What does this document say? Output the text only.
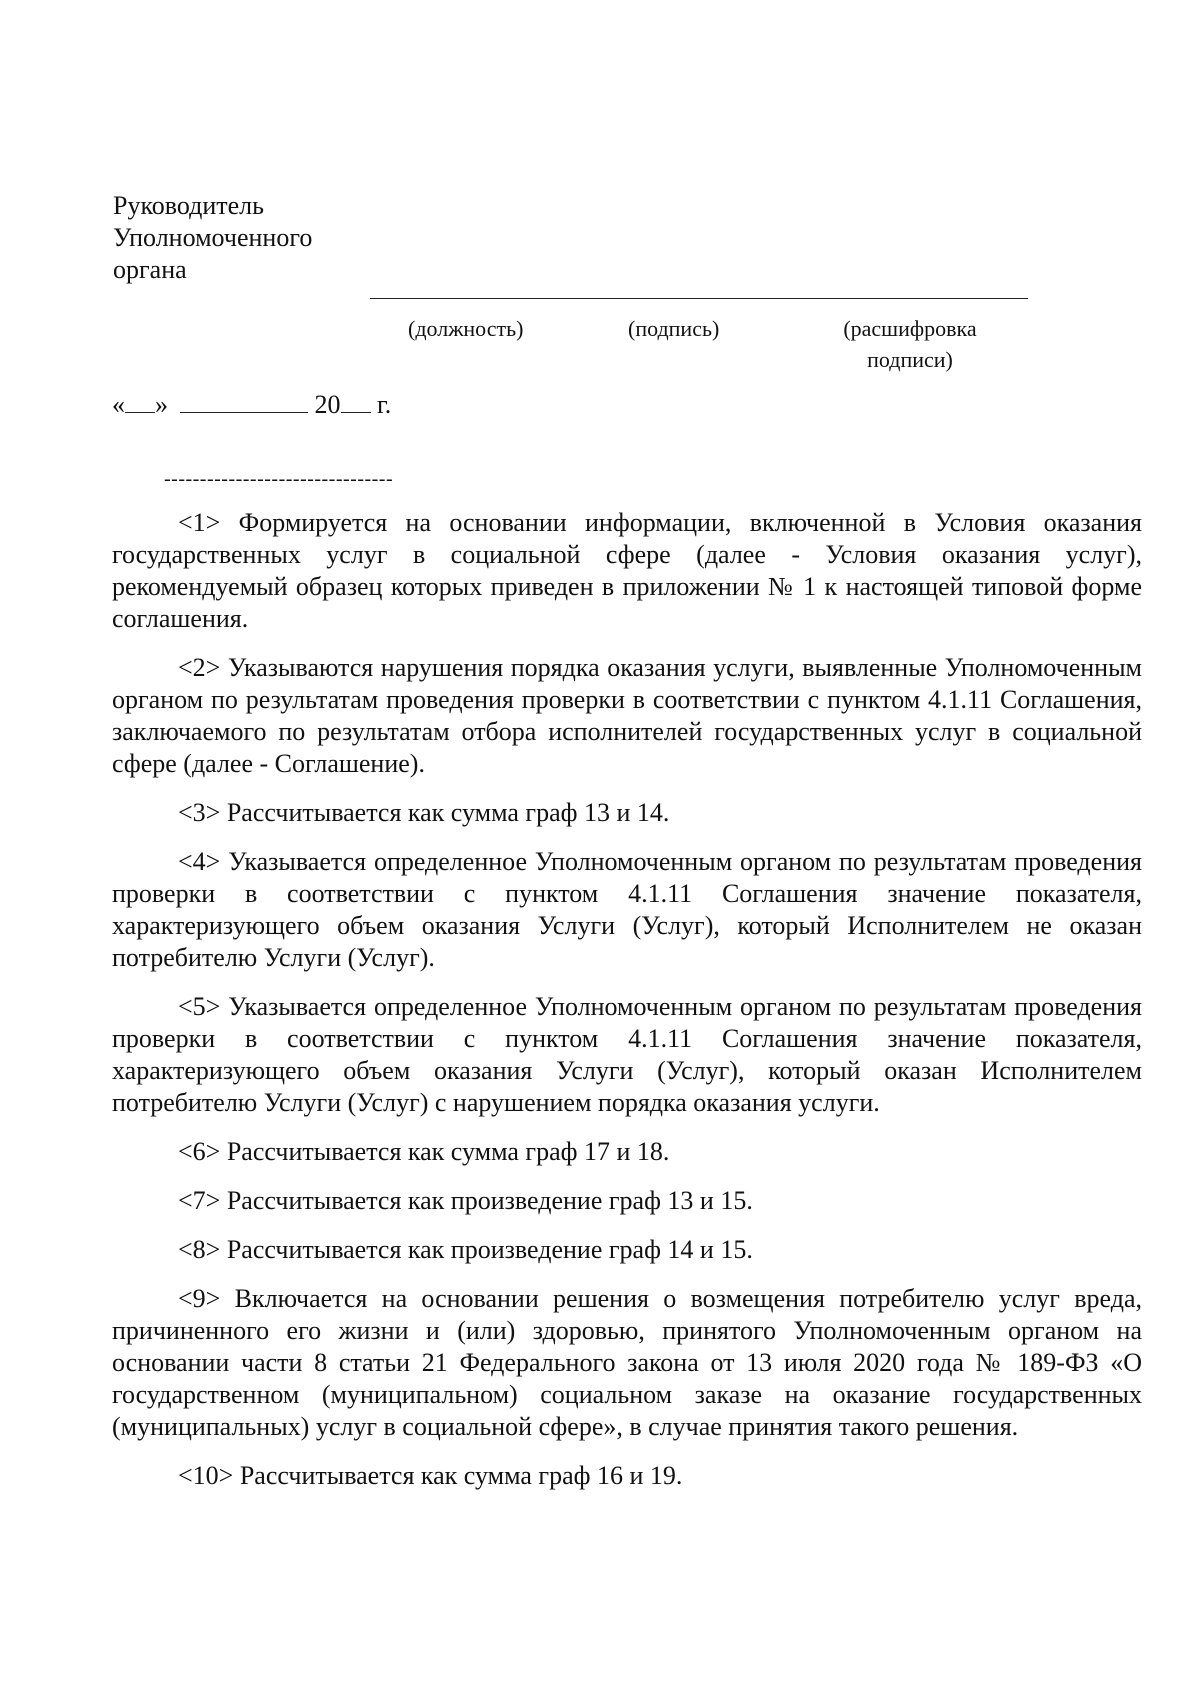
Руководитель
Уполномоченного
органа
(должность)	(подпись)	(расшифровка
подписи)
« »	20 г.
--------------------------------

<1> Формируется на основании информации, включенной в Условия оказания государственных услуг в социальной сфере (далее - Условия оказания услуг), рекомендуемый образец которых приведен в приложении № 1 к настоящей типовой форме соглашения.

<2> Указываются нарушения порядка оказания услуги, выявленные Уполномоченным органом по результатам проведения проверки в соответствии с пунктом 4.1.11 Соглашения, заключаемого по результатам отбора исполнителей государственных услуг в социальной сфере (далее - Соглашение).

<3> Рассчитывается как сумма граф 13 и 14.

<4> Указывается определенное Уполномоченным органом по результатам проведения проверки в соответствии с пунктом 4.1.11 Соглашения значение показателя, характеризующего объем оказания Услуги (Услуг), который Исполнителем не оказан потребителю Услуги (Услуг).

<5> Указывается определенное Уполномоченным органом по результатам проведения проверки в соответствии с пунктом 4.1.11 Соглашения значение показателя, характеризующего объем оказания Услуги (Услуг), который оказан Исполнителем потребителю Услуги (Услуг) с нарушением порядка оказания услуги.

<6> Рассчитывается как сумма граф 17 и 18.

<7> Рассчитывается как произведение граф 13 и 15.

<8> Рассчитывается как произведение граф 14 и 15.

<9> Включается на основании решения о возмещения потребителю услуг вреда, причиненного его жизни и (или) здоровью, принятого Уполномоченным органом на основании части 8 статьи 21 Федерального закона от 13 июля 2020 года № 189-ФЗ «О государственном (муниципальном) социальном заказе на оказание государственных (муниципальных) услуг в социальной сфере», в случае принятия такого решения.

<10> Рассчитывается как сумма граф 16 и 19.
